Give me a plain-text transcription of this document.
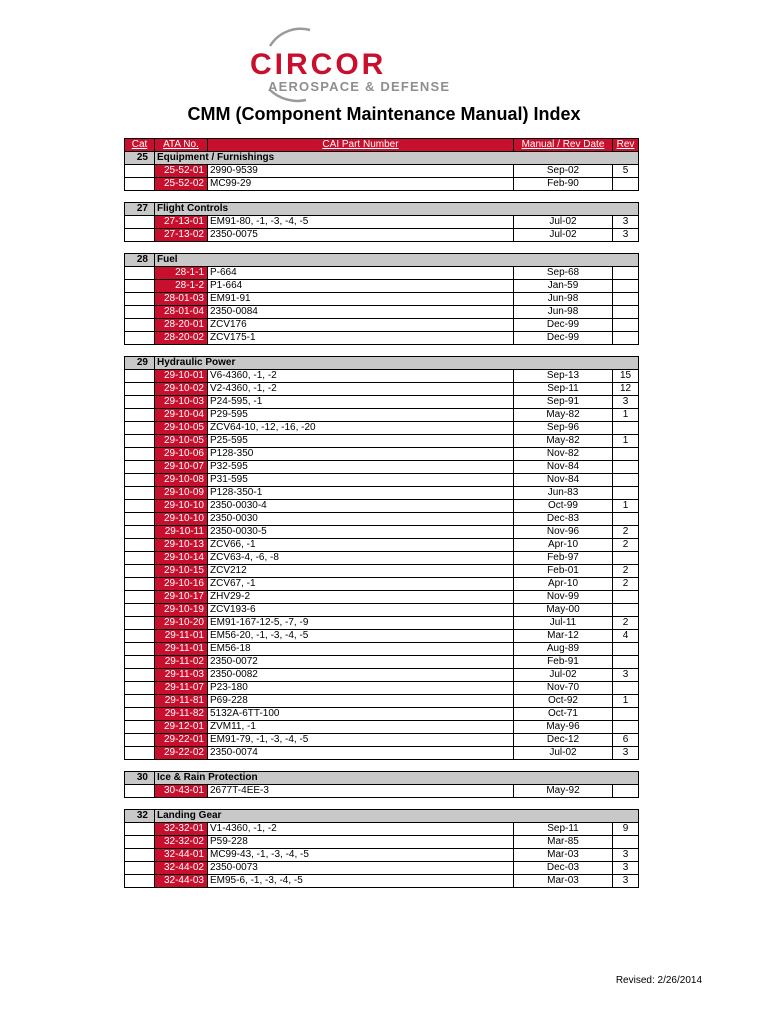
CIRCOR
AEROSPACE & DEFENSE
CMM (Component Maintenance Manual) Index
Cat	ATA No.	CAI Part Number	Manual / Rev Date	Rev
25	Equipment / Furnishings			
	25-52-01	2990-9539	Sep-02	5
	25-52-02	MC99-29	Feb-90	

27	Flight Controls			
	27-13-01	EM91-80, -1, -3, -4, -5	Jul-02	3
	27-13-02	2350-0075	Jul-02	3

28	Fuel			
	28-1-1	P-664	Sep-68	
	28-1-2	P1-664	Jan-59	
	28-01-03	EM91-91	Jun-98	
	28-01-04	2350-0084	Jun-98	
	28-20-01	ZCV176	Dec-99	
	28-20-02	ZCV175-1	Dec-99	

29	Hydraulic Power			
	29-10-01	V6-4360, -1, -2	Sep-13	15
	29-10-02	V2-4360, -1, -2	Sep-11	12
	29-10-03	P24-595, -1	Sep-91	3
	29-10-04	P29-595	May-82	1
	29-10-05	ZCV64-10, -12, -16, -20	Sep-96	
	29-10-05	P25-595	May-82	1
	29-10-06	P128-350	Nov-82	
	29-10-07	P32-595	Nov-84	
	29-10-08	P31-595	Nov-84	
	29-10-09	P128-350-1	Jun-83	
	29-10-10	2350-0030-4	Oct-99	1
	29-10-10	2350-0030	Dec-83	
	29-10-11	2350-0030-5	Nov-96	2
	29-10-13	ZCV66, -1	Apr-10	2
	29-10-14	ZCV63-4, -6, -8	Feb-97	
	29-10-15	ZCV212	Feb-01	2
	29-10-16	ZCV67, -1	Apr-10	2
	29-10-17	ZHV29-2	Nov-99	
	29-10-19	ZCV193-6	May-00	
	29-10-20	EM91-167-12-5, -7, -9	Jul-11	2
	29-11-01	EM56-20, -1, -3, -4, -5	Mar-12	4
	29-11-01	EM56-18	Aug-89	
	29-11-02	2350-0072	Feb-91	
	29-11-03	2350-0082	Jul-02	3
	29-11-07	P23-180	Nov-70	
	29-11-81	P69-228	Oct-92	1
	29-11-82	5132A-6TT-100	Oct-71	
	29-12-01	ZVM11, -1	May-96	
	29-22-01	EM91-79, -1, -3, -4, -5	Dec-12	6
	29-22-02	2350-0074	Jul-02	3

30	Ice & Rain Protection			
	30-43-01	2677T-4EE-3	May-92	

32	Landing Gear			
	32-32-01	V1-4360, -1, -2	Sep-11	9
	32-32-02	P59-228	Mar-85	
	32-44-01	MC99-43, -1, -3, -4, -5	Mar-03	3
	32-44-02	2350-0073	Dec-03	3
	32-44-03	EM95-6, -1, -3, -4, -5	Mar-03	3
Revised: 2/26/2014
